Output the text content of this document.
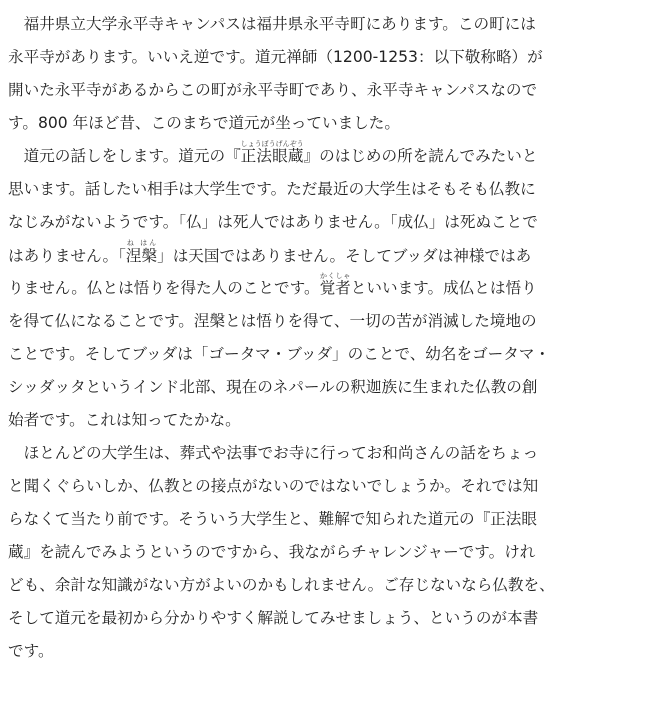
福井県立大学永平寺キャンパスは福井県永平寺町にあります。この町には
永平寺があります。いいえ逆です。道元禅師（1200-1253：以下敬称略）が
開いた永平寺があるからこの町が永平寺町であり、永平寺キャンパスなので
す。800 年ほど昔、このまちで道元が坐っていました。
道元の話しをします。道元の『正法眼蔵しょうぼうげんぞう』のはじめの所を読んでみたいと
思います。話したい相手は大学生です。ただ最近の大学生はそもそも仏教に
なじみがないようです。「仏」は死人ではありません。「成仏」は死ぬことで
はありません。「涅槃ね はん」は天国ではありません。そしてブッダは神様ではあ
りません。仏とは悟りを得た人のことです。覚者かくしゃといいます。成仏とは悟り
を得て仏になることです。涅槃とは悟りを得て、一切の苦が消滅した境地の
ことです。そしてブッダは「ゴータマ・ブッダ」のことで、幼名をゴータマ・
シッダッタというインド北部、現在のネパールの釈迦族に生まれた仏教の創
始者です。これは知ってたかな。
ほとんどの大学生は、葬式や法事でお寺に行ってお和尚さんの話をちょっ
と聞くぐらいしか、仏教との接点がないのではないでしょうか。それでは知
らなくて当たり前です。そういう大学生と、難解で知られた道元の『正法眼
蔵』を読んでみようというのですから、我ながらチャレンジャーです。けれ
ども、余計な知識がない方がよいのかもしれません。ご存じないなら仏教を、
そして道元を最初から分かりやすく解説してみせましょう、というのが本書
です。
